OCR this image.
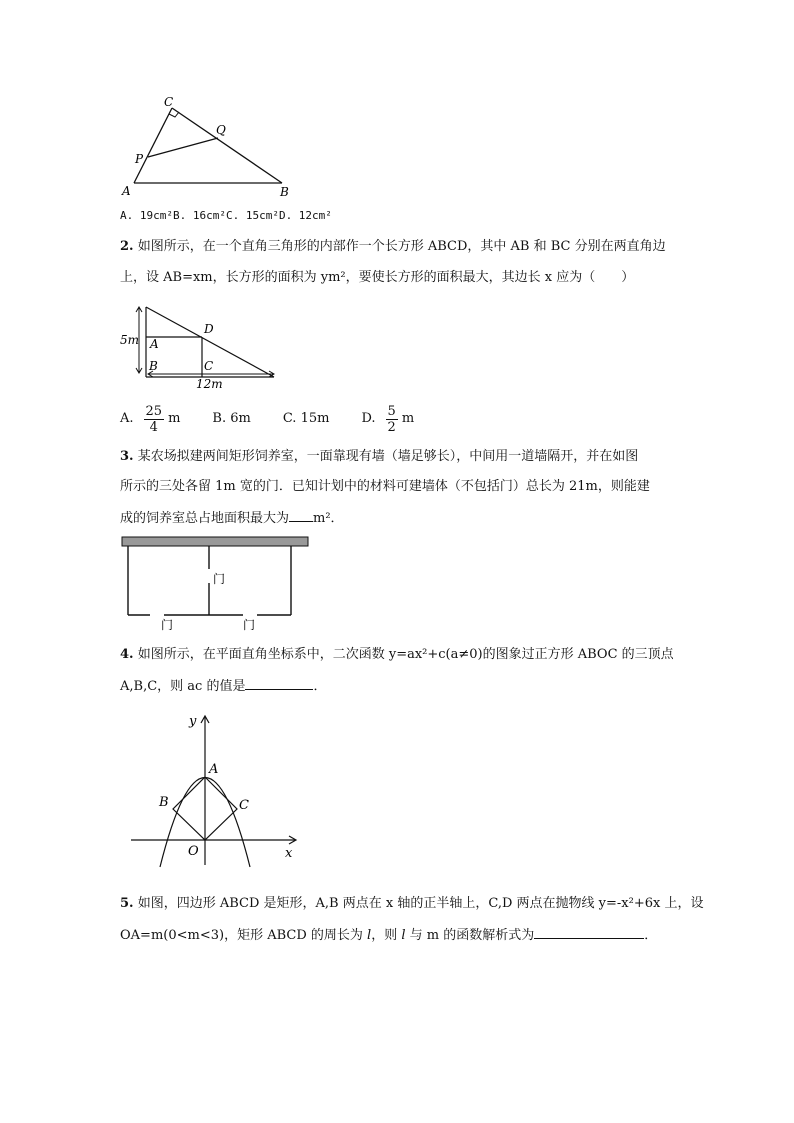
C
Q
P
A	B
A. 19cm²B. 16cm²C. 15cm²D. 12cm²
2. 如图所示，在一个直角三角形的内部作一个长方形 ABCD，其中 AB 和 BC 分别在两直角边
上，设 AB=xm，长方形的面积为 ym²，要使长方形的面积最大，其边长 x 应为（　　）
5m
12m
D
A
B	C
A. $\frac{25}{4}$ m B. 6m C. 15m D. $\frac{5}{2}$ m
3. 某农场拟建两间矩形饲养室，一面靠现有墙（墙足够长），中间用一道墙隔开，并在如图
所示的三处各留 1m 宽的门．已知计划中的材料可建墙体（不包括门）总长为 21m，则能建
成的饲养室总占地面积最大为 m²．
门
门	门
4. 如图所示，在平面直角坐标系中，二次函数 y=ax²+c(a≠0)的图象过正方形 ABOC 的三顶点
A,B,C，则 ac 的值是	．
y
x
O
A
B	C
5. 如图，四边形 ABCD 是矩形，A,B 两点在 x 轴的正半轴上，C,D 两点在抛物线 y=-x²+6x 上，设
OA=m(0<m<3)，矩形 ABCD 的周长为 l，则 l 与 m 的函数解析式为	．
